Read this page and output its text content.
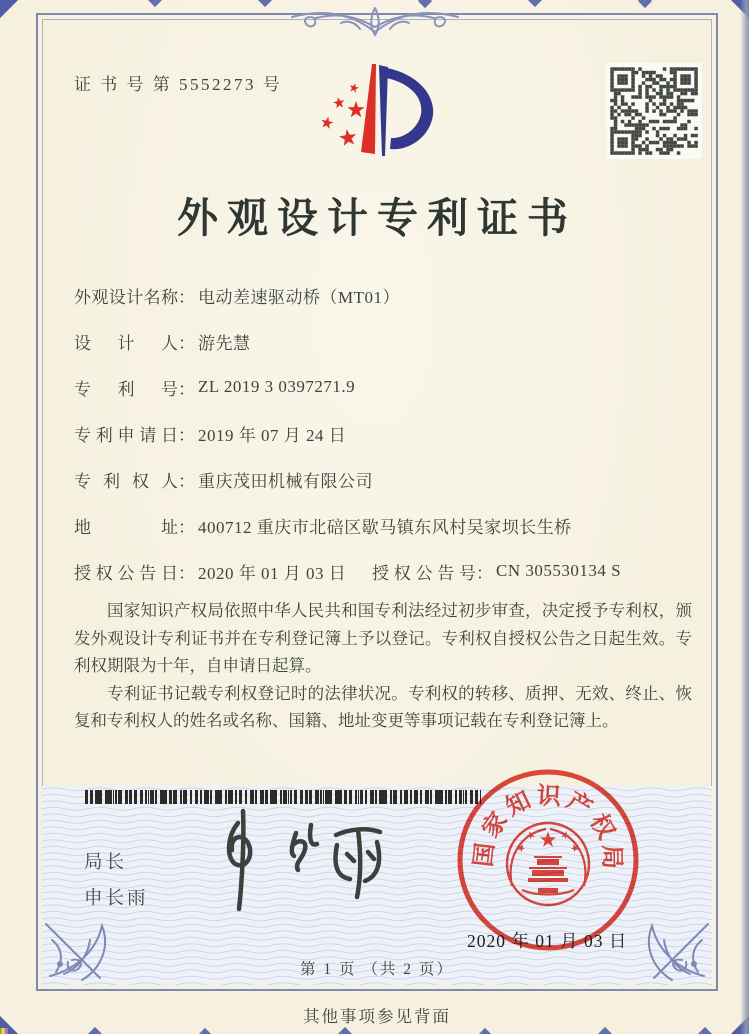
证 书 号 第 5552273 号
外观设计专利证书
外观设计名称 ： 电动差速驱动桥（MT01）
设计人 ： 游先慧
专利号 ： ZL 2019 3 0397271.9
专利申请日 ： 2019 年 07 月 24 日
专利权人 ： 重庆茂田机械有限公司
地址 ： 400712 重庆市北碚区歇马镇东风村吴家坝长生桥
授权公告日 ： 2020 年 01 月 03 日 授权公告号 ： CN 305530134 S

国家知识产权局依照中华人民共和国专利法经过初步审查，决定授予专利权，颁发外观设计专利证书并在专利登记簿上予以登记。专利权自授权公告之日起生效。专利权期限为十年，自申请日起算。

专利证书记载专利权登记时的法律状况。专利权的转移、质押、无效、终止、恢复和专利权人的姓名或名称、国籍、地址变更等事项记载在专利登记簿上。

局长
申长雨
国家知识产权局
2020 年 01 月 03 日
第 1 页 （共 2 页）
其他事项参见背面
